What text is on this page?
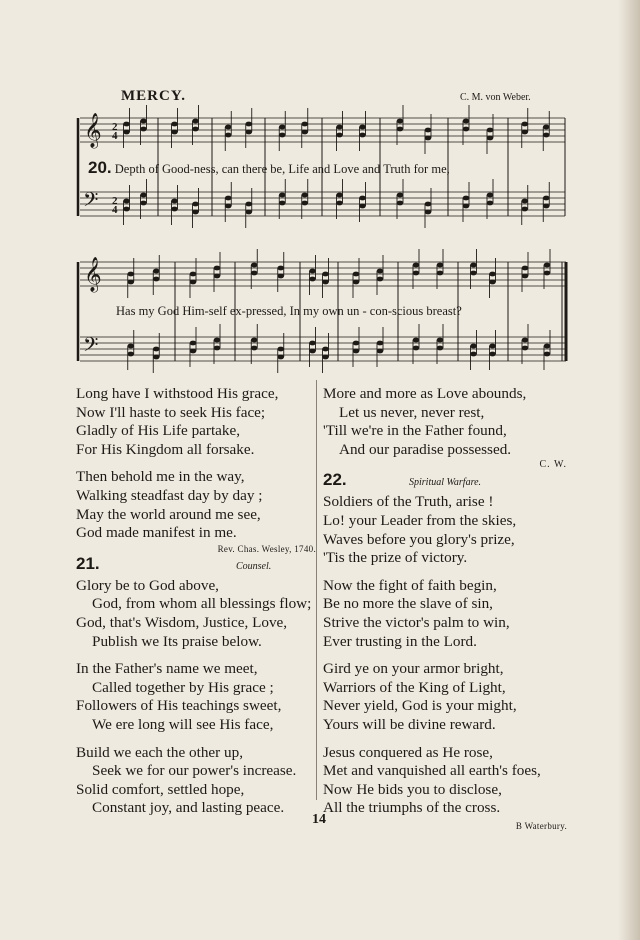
MERCY.	C. M. von Weber.
𝄞
𝄢
𝄞
𝄢
2
4
2
4
20. Depth of Good-ness, can there be, Life and Love and Truth for me,
Has my God Him-self ex-pressed, In my own un - con-scious breast?
Long have I withstood His grace,
Now I'll haste to seek His face;
Gladly of His Life partake,
For His Kingdom all forsake.
Then behold me in the way,
Walking steadfast day by day ;
May the world around me see,
God made manifest in me.
Rev. Chas. Wesley, 1740.
21.	Counsel.
Glory be to God above,
God, from whom all blessings flow;
God, that's Wisdom, Justice, Love,
Publish we Its praise below.
In the Father's name we meet,
Called together by His grace ;
Followers of His teachings sweet,
We ere long will see His face,
Build we each the other up,
Seek we for our power's increase.
Solid comfort, settled hope,
Constant joy, and lasting peace.
More and more as Love abounds,
Let us never, never rest,
'Till we're in the Father found,
And our paradise possessed.
C. W.
22.	Spiritual Warfare.
Soldiers of the Truth, arise !
Lo! your Leader from the skies,
Waves before you glory's prize,
'Tis the prize of victory.
Now the fight of faith begin,
Be no more the slave of sin,
Strive the victor's palm to win,
Ever trusting in the Lord.
Gird ye on your armor bright,
Warriors of the King of Light,
Never yield, God is your might,
Yours will be divine reward.
Jesus conquered as He rose,
Met and vanquished all earth's foes,
Now He bids you to disclose,
All the triumphs of the cross.
B Waterbury.
14
